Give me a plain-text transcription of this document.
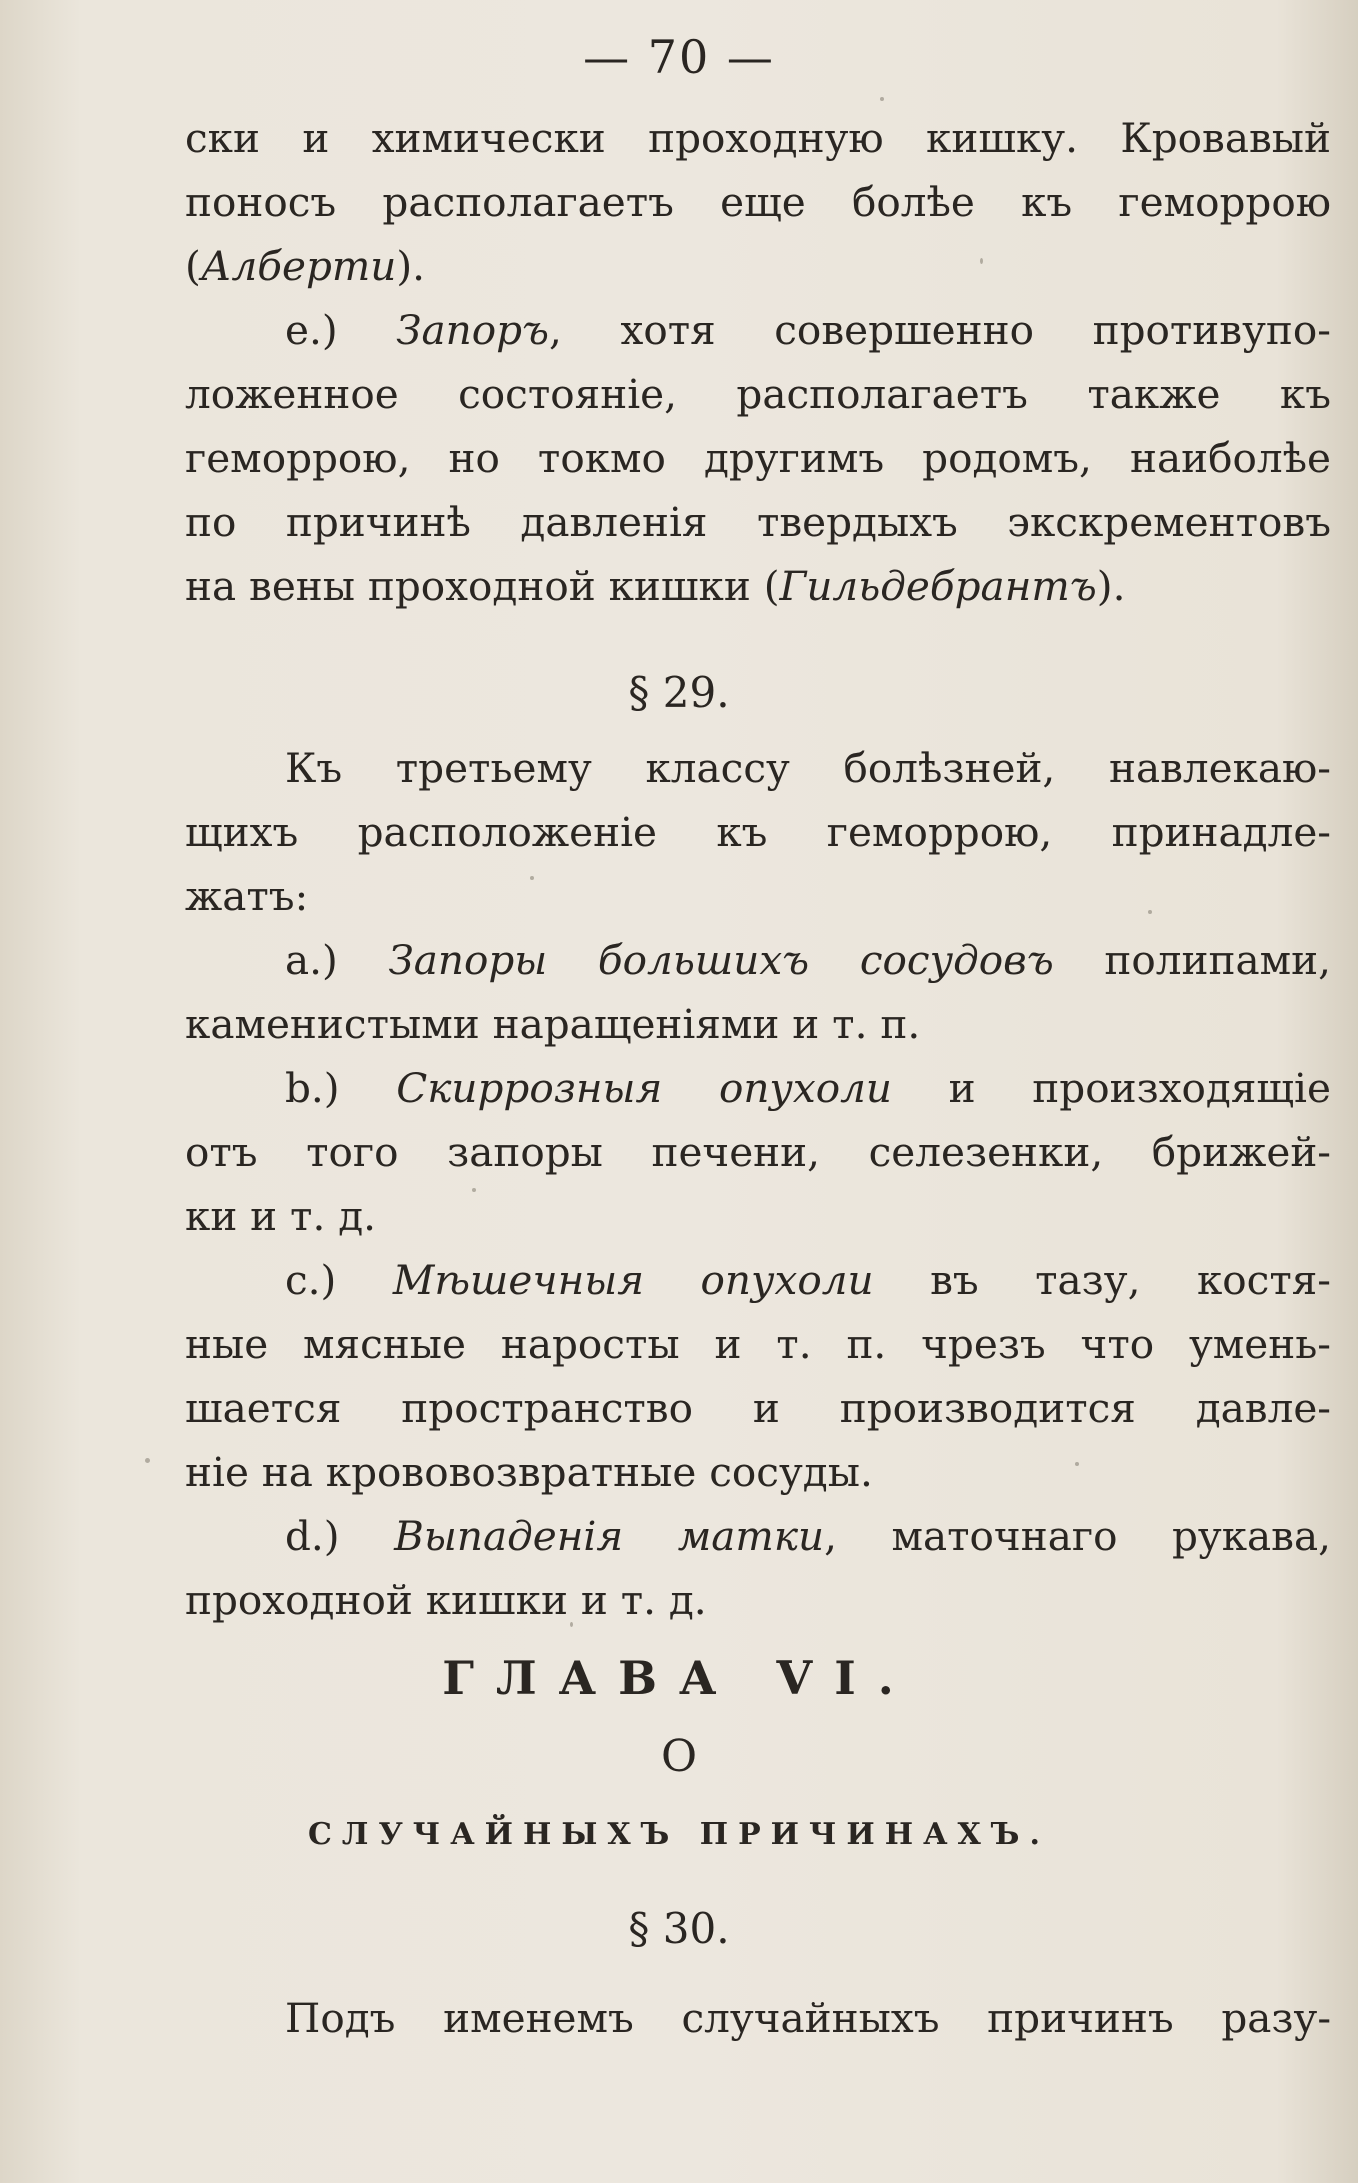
— 70 —
ски и химически проходную кишку. Кровавый
поносъ располагаетъ еще болѣе къ геморрою
(Алберти).
e.) Запоръ, хотя совершенно противупо-
ложенное состояніе, располагаетъ также къ
геморрою, но токмо другимъ родомъ, наиболѣе
по причинѣ давленія твердыхъ экскрементовъ
на вены проходной кишки (Гильдебрантъ).
§ 29.
Къ третьему классу болѣзней, навлекаю-
щихъ расположеніе къ геморрою, принадле-
жатъ:
a.) Запоры большихъ сосудовъ полипами,
каменистыми наращеніями и т. п.
b.) Скиррозныя опухоли и произходящіе
отъ того запоры печени, селезенки, брижей-
ки и т. д.
c.) Мѣшечныя опухоли въ тазу, костя-
ные мясные наросты и т. п. чрезъ что умень-
шается пространство и производится давле-
ніе на крововозвратные сосуды.
d.) Выпаденія матки, маточнаго рукава,
проходной кишки и т. д.
ГЛАВА VI.
О
СЛУЧАЙНЫХЪ ПРИЧИНАХЪ.
§ 30.
Подъ именемъ случайныхъ причинъ разу-
